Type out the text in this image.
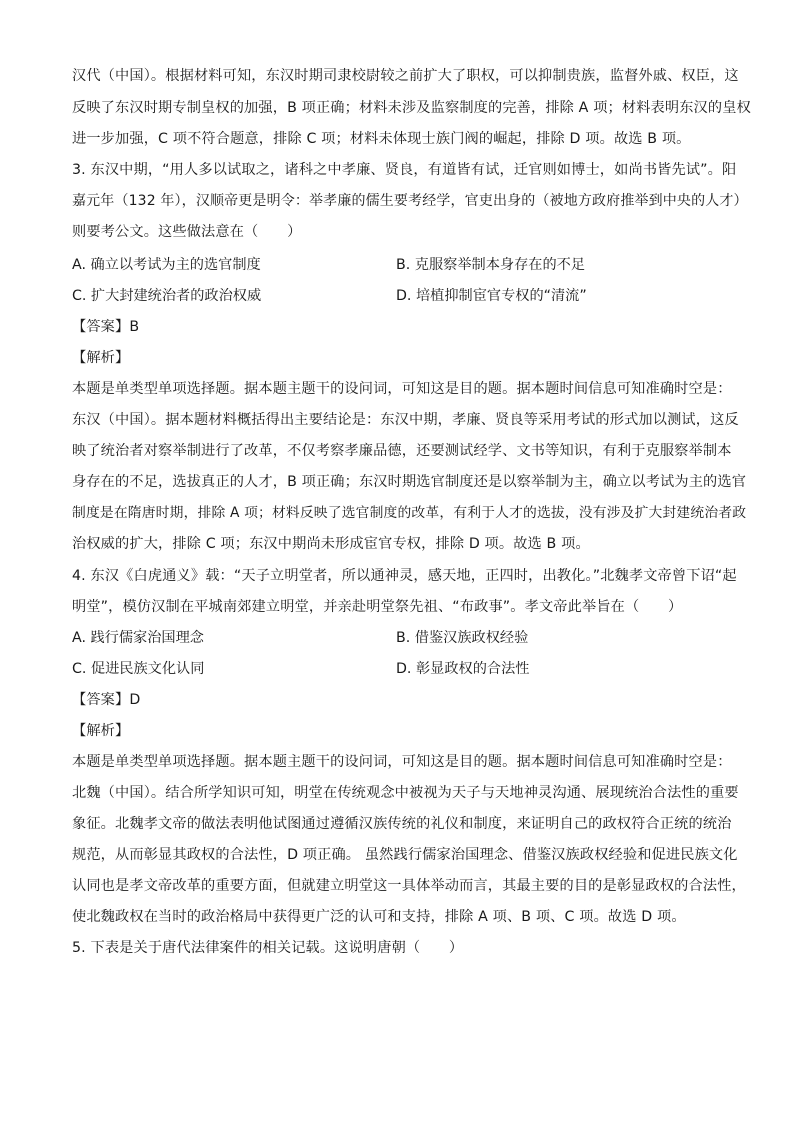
汉代（中国）。根据材料可知，东汉时期司隶校尉较之前扩大了职权，可以抑制贵族，监督外戚、权臣，这
反映了东汉时期专制皇权的加强，B 项正确；材料未涉及监察制度的完善，排除 A 项；材料表明东汉的皇权
进一步加强，C 项不符合题意，排除 C 项；材料未体现士族门阀的崛起，排除 D 项。故选 B 项。
3. 东汉中期，“用人多以试取之，诸科之中孝廉、贤良，有道皆有试，迁官则如博士，如尚书皆先试”。阳
嘉元年（132 年），汉顺帝更是明令：举孝廉的儒生要考经学，官吏出身的（被地方政府推举到中央的人才）
则要考公文。这些做法意在（　　）
A. 确立以考试为主的选官制度	B. 克服察举制本身存在的不足
C. 扩大封建统治者的政治权威	D. 培植抑制宦官专权的“清流”
【答案】B
【解析】
本题是单类型单项选择题。据本题主题干的设问词，可知这是目的题。据本题时间信息可知准确时空是：
东汉（中国）。据本题材料概括得出主要结论是：东汉中期，孝廉、贤良等采用考试的形式加以测试，这反
映了统治者对察举制进行了改革，不仅考察孝廉品德，还要测试经学、文书等知识，有利于克服察举制本
身存在的不足，选拔真正的人才，B 项正确；东汉时期选官制度还是以察举制为主，确立以考试为主的选官
制度是在隋唐时期，排除 A 项；材料反映了选官制度的改革，有利于人才的选拔，没有涉及扩大封建统治者政
治权威的扩大，排除 C 项；东汉中期尚未形成宦官专权，排除 D 项。故选 B 项。
4. 东汉《白虎通义》载：“天子立明堂者，所以通神灵，感天地，正四时，出教化。”北魏孝文帝曾下诏“起
明堂”，模仿汉制在平城南郊建立明堂，并亲赴明堂祭先祖、“布政事”。孝文帝此举旨在（　　）
A. 践行儒家治国理念	B. 借鉴汉族政权经验
C. 促进民族文化认同	D. 彰显政权的合法性
【答案】D
【解析】
本题是单类型单项选择题。据本题主题干的设问词，可知这是目的题。据本题时间信息可知准确时空是：
北魏（中国）。结合所学知识可知，明堂在传统观念中被视为天子与天地神灵沟通、展现统治合法性的重要
象征。北魏孝文帝的做法表明他试图通过遵循汉族传统的礼仪和制度，来证明自己的政权符合正统的统治
规范，从而彰显其政权的合法性，D 项正确。 虽然践行儒家治国理念、借鉴汉族政权经验和促进民族文化
认同也是孝文帝改革的重要方面，但就建立明堂这一具体举动而言，其最主要的目的是彰显政权的合法性，
使北魏政权在当时的政治格局中获得更广泛的认可和支持，排除 A 项、B 项、C 项。故选 D 项。
5. 下表是关于唐代法律案件的相关记载。这说明唐朝（　　）
